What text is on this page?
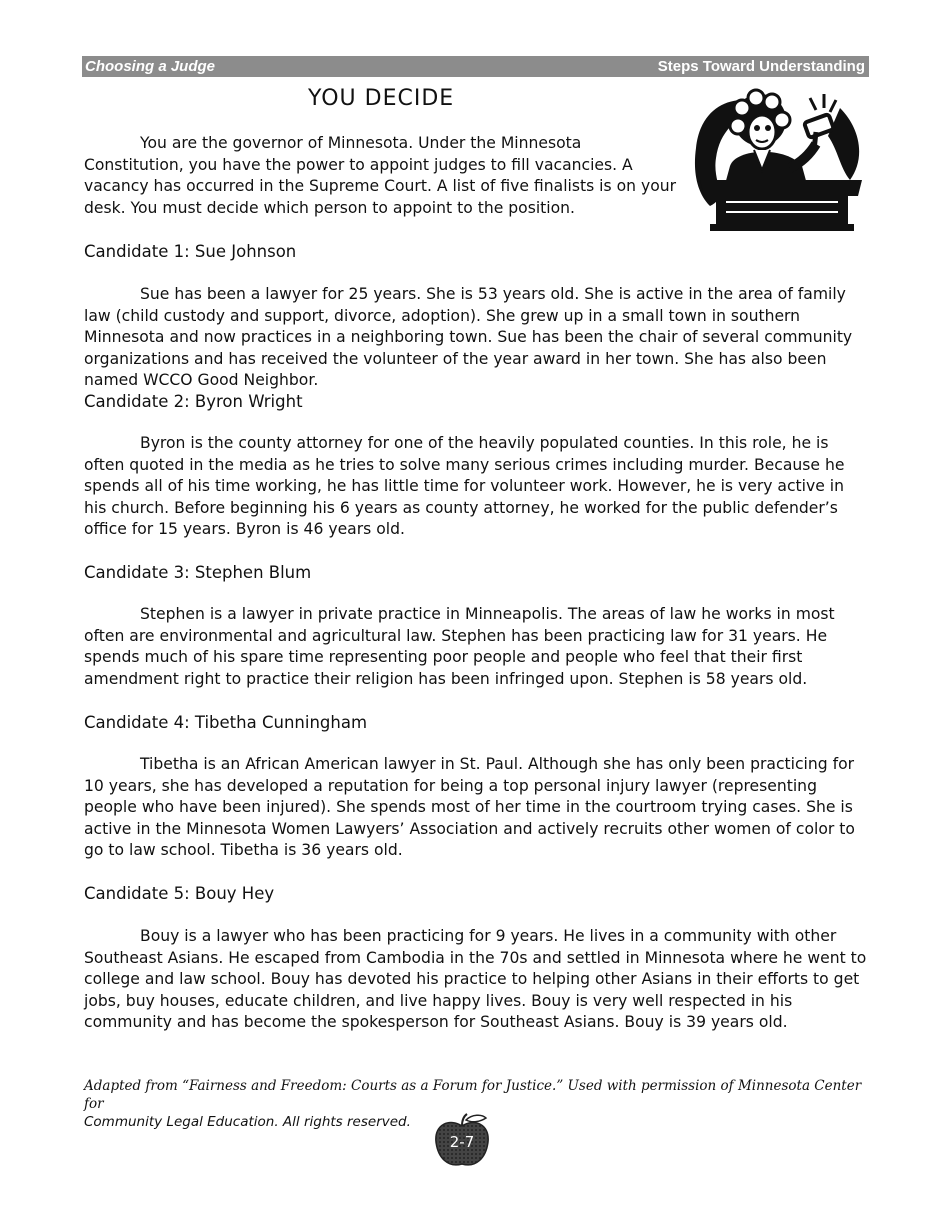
Choosing a Judge	Steps Toward Understanding
YOU DECIDE

You are the governor of Minnesota. Under the Minnesota Constitution, you have the power to appoint judges to fill vacancies. A vacancy has occurred in the Supreme Court. A list of five finalists is on your desk. You must decide which person to appoint to the position.

Candidate 1: Sue Johnson

Sue has been a lawyer for 25 years. She is 53 years old. She is active in the area of family law (child custody and support, divorce, adoption). She grew up in a small town in southern Minnesota and now practices in a neighboring town. Sue has been the chair of several community organizations and has received the volunteer of the year award in her town. She has also been named WCCO Good Neighbor.

Candidate 2: Byron Wright

Byron is the county attorney for one of the heavily populated counties. In this role, he is often quoted in the media as he tries to solve many serious crimes including murder. Because he spends all of his time working, he has little time for volunteer work. However, he is very active in his church. Before beginning his 6 years as county attorney, he worked for the public defender’s office for 15 years. Byron is 46 years old.

Candidate 3: Stephen Blum

Stephen is a lawyer in private practice in Minneapolis. The areas of law he works in most often are environmental and agricultural law. Stephen has been practicing law for 31 years. He spends much of his spare time representing poor people and people who feel that their first amendment right to practice their religion has been infringed upon. Stephen is 58 years old.

Candidate 4: Tibetha Cunningham

Tibetha is an African American lawyer in St. Paul. Although she has only been practicing for 10 years, she has developed a reputation for being a top personal injury lawyer (representing people who have been injured). She spends most of her time in the courtroom trying cases. She is active in the Minnesota Women Lawyers’ Association and actively recruits other women of color to go to law school. Tibetha is 36 years old.

Candidate 5: Bouy Hey

Bouy is a lawyer who has been practicing for 9 years. He lives in a community with other Southeast Asians. He escaped from Cambodia in the 70s and settled in Minnesota where he went to college and law school. Bouy has devoted his practice to helping other Asians in their efforts to get jobs, buy houses, educate children, and live happy lives. Bouy is very well respected in his community and has become the spokesperson for Southeast Asians. Bouy is 39 years old.

Adapted from “Fairness and Freedom: Courts as a Forum for Justice.” Used with permission of Minnesota Center for
Community Legal Education. All rights reserved.
2-7
